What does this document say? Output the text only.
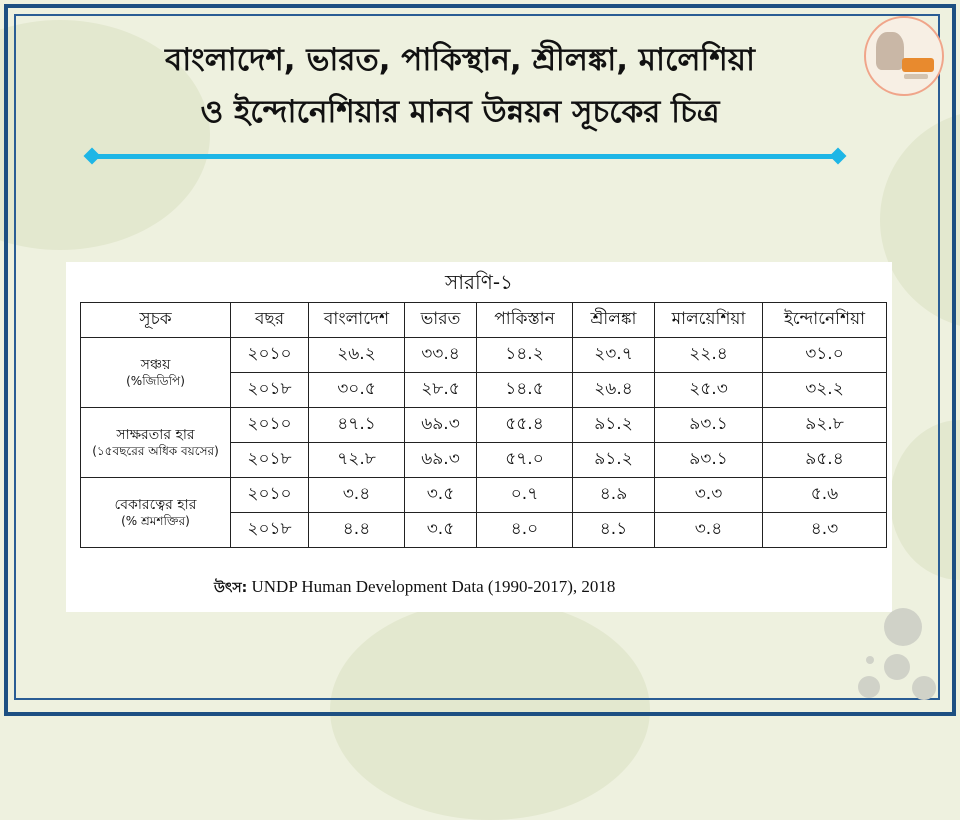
বাংলাদেশ, ভারত, পাকিস্থান, শ্রীলঙ্কা, মালেশিয়া
ও ইন্দোনেশিয়ার মানব উন্নয়ন সূচকের চিত্র
সারণি-১
সূচক	বছর	বাংলাদেশ	ভারত	পাকিস্তান	শ্রীলঙ্কা	মালয়েশিয়া	ইন্দোনেশিয়া
সঞ্চয়
(%জিডিপি)	২০১০	২৬.২	৩৩.৪	১৪.২	২৩.৭	২২.৪	৩১.০
	২০১৮	৩০.৫	২৮.৫	১৪.৫	২৬.৪	২৫.৩	৩২.২
সাক্ষরতার হার
(১৫বছরের অধিক বয়সের)	২০১০	৪৭.১	৬৯.৩	৫৫.৪	৯১.২	৯৩.১	৯২.৮
	২০১৮	৭২.৮	৬৯.৩	৫৭.০	৯১.২	৯৩.১	৯৫.৪
বেকারত্বের হার
(% শ্রমশক্তির)	২০১০	৩.৪	৩.৫	০.৭	৪.৯	৩.৩	৫.৬
	২০১৮	৪.৪	৩.৫	৪.০	৪.১	৩.৪	৪.৩
উৎস: UNDP Human Development Data (1990-2017), 2018
